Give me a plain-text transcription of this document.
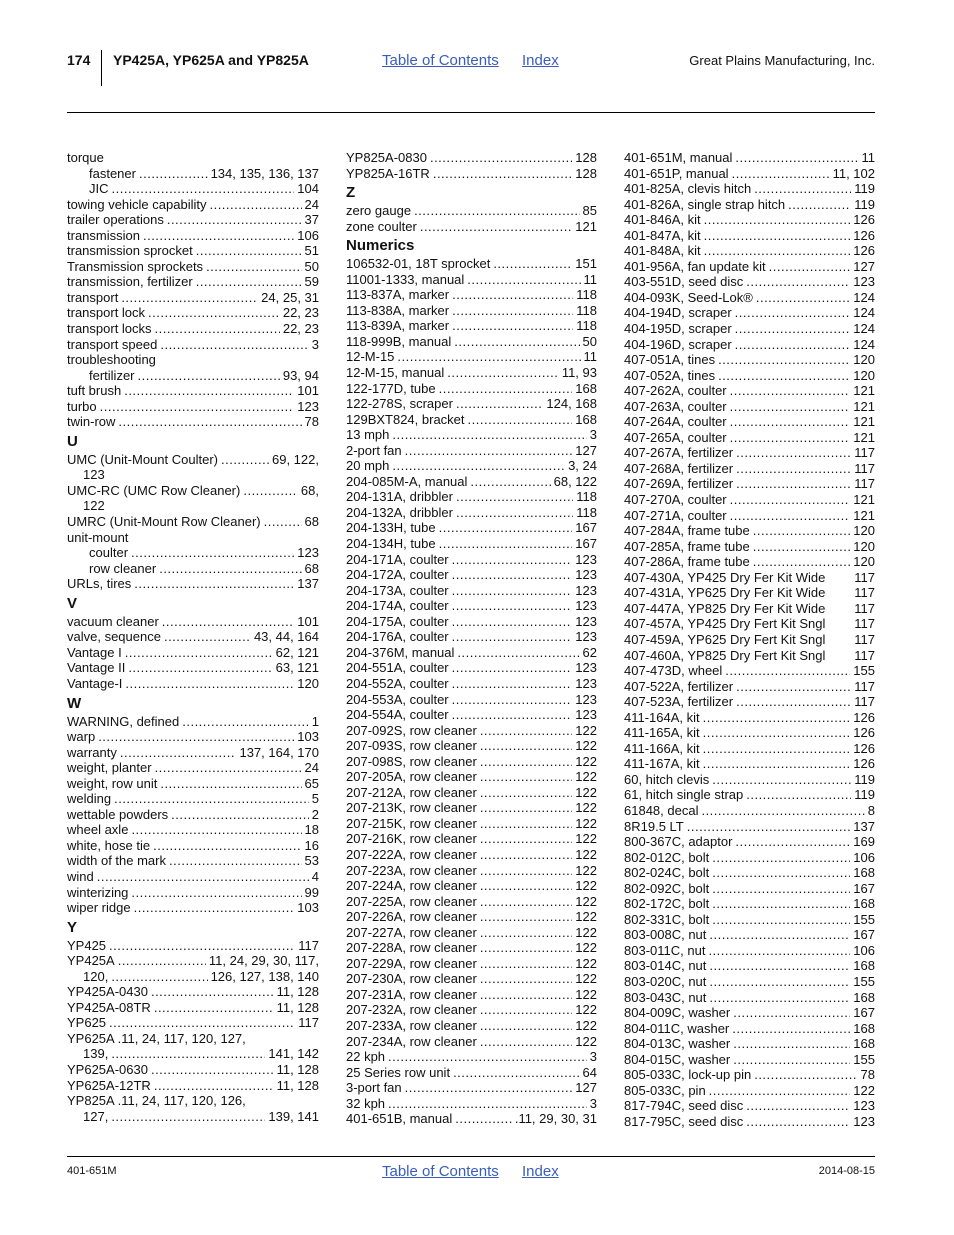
174 YP425A, YP625A and YP825A	Table of Contents Index	Great Plains Manufacturing, Inc.
torque
fastener .....	134, 135, 136, 137
JIC .....	104
towing vehicle capability .....	24
trailer operations .....	37
transmission .....	106
transmission sprocket .....	51
Transmission sprockets .....	50
transmission, fertilizer .....	59
transport .....	24, 25, 31
transport lock .....	22, 23
transport locks .....	22, 23
transport speed .....	3
troubleshooting
fertilizer .....	93, 94
tuft brush .....	101
turbo .....	123
twin-row .....	78
U
UMC (Unit-Mount Coulter) .....	69, 122,
123
UMC-RC (UMC Row Cleaner) .....	68,
122
UMRC (Unit-Mount Row Cleaner) .....	68
unit-mount
coulter .....	123
row cleaner .....	68
URLs, tires .....	137
V
vacuum cleaner .....	101
valve, sequence .....	43, 44, 164
Vantage I .....	62, 121
Vantage II .....	63, 121
Vantage-I .....	120
W
WARNING, defined .....	1
warp .....	103
warranty .....	137, 164, 170
weight, planter .....	24
weight, row unit .....	65
welding .....	5
wettable powders .....	2
wheel axle .....	18
white, hose tie .....	16
width of the mark .....	53
wind .....	4
winterizing .....	99
wiper ridge .....	103
Y
YP425 .....	117
YP425A .....	11, 24, 29, 30, 117,
120, .....	126, 127, 138, 140
YP425A-0430 .....	11, 128
YP425A-08TR .....	11, 128
YP625 .....	117
YP625A .11, 24, 117, 120, 127,
139, .....	141, 142
YP625A-0630 .....	11, 128
YP625A-12TR .....	11, 128
YP825A .11, 24, 117, 120, 126,
127, .....	139, 141
YP825A-0830 .....	128
YP825A-16TR .....	128
Z
zero gauge .....	85
zone coulter .....	121
Numerics
106532-01, 18T sprocket .....	151
11001-1333, manual .....	11
113-837A, marker .....	118
113-838A, marker .....	118
113-839A, marker .....	118
118-999B, manual .....	50
12-M-15 .....	11
12-M-15, manual .....	11, 93
122-177D, tube .....	168
122-278S, scraper .....	124, 168
129BXT824, bracket .....	168
13 mph .....	3
2-port fan .....	127
20 mph .....	3, 24
204-085M-A, manual .....	68, 122
204-131A, dribbler .....	118
204-132A, dribbler .....	118
204-133H, tube .....	167
204-134H, tube .....	167
204-171A, coulter .....	123
204-172A, coulter .....	123
204-173A, coulter .....	123
204-174A, coulter .....	123
204-175A, coulter .....	123
204-176A, coulter .....	123
204-376M, manual .....	62
204-551A, coulter .....	123
204-552A, coulter .....	123
204-553A, coulter .....	123
204-554A, coulter .....	123
207-092S, row cleaner .....	122
207-093S, row cleaner .....	122
207-098S, row cleaner .....	122
207-205A, row cleaner .....	122
207-212A, row cleaner .....	122
207-213K, row cleaner .....	122
207-215K, row cleaner .....	122
207-216K, row cleaner .....	122
207-222A, row cleaner .....	122
207-223A, row cleaner .....	122
207-224A, row cleaner .....	122
207-225A, row cleaner .....	122
207-226A, row cleaner .....	122
207-227A, row cleaner .....	122
207-228A, row cleaner .....	122
207-229A, row cleaner .....	122
207-230A, row cleaner .....	122
207-231A, row cleaner .....	122
207-232A, row cleaner .....	122
207-233A, row cleaner .....	122
207-234A, row cleaner .....	122
22 kph .....	3
25 Series row unit .....	64
3-port fan .....	127
32 kph .....	3
401-651B, manual .....	.11, 29, 30, 31
401-651M, manual .....	11
401-651P, manual .....	11, 102
401-825A, clevis hitch .....	119
401-826A, single strap hitch .....	119
401-846A, kit .....	126
401-847A, kit .....	126
401-848A, kit .....	126
401-956A, fan update kit .....	127
403-551D, seed disc .....	123
404-093K, Seed-Lok® .....	124
404-194D, scraper .....	124
404-195D, scraper .....	124
404-196D, scraper .....	124
407-051A, tines .....	120
407-052A, tines .....	120
407-262A, coulter .....	121
407-263A, coulter .....	121
407-264A, coulter .....	121
407-265A, coulter .....	121
407-267A, fertilizer .....	117
407-268A, fertilizer .....	117
407-269A, fertilizer .....	117
407-270A, coulter .....	121
407-271A, coulter .....	121
407-284A, frame tube .....	120
407-285A, frame tube .....	120
407-286A, frame tube .....	120
407-430A, YP425 Dry Fer Kit Wide 117
407-431A, YP625 Dry Fer Kit Wide 117
407-447A, YP825 Dry Fer Kit Wide 117
407-457A, YP425 Dry Fert Kit Sngl 117
407-459A, YP625 Dry Fert Kit Sngl 117
407-460A, YP825 Dry Fert Kit Sngl 117
407-473D, wheel .....	155
407-522A, fertilizer .....	117
407-523A, fertilizer .....	117
411-164A, kit .....	126
411-165A, kit .....	126
411-166A, kit .....	126
411-167A, kit .....	126
60, hitch clevis .....	119
61, hitch single strap .....	119
61848, decal .....	8
8R19.5 LT .....	137
800-367C, adaptor .....	169
802-012C, bolt .....	106
802-024C, bolt .....	168
802-092C, bolt .....	167
802-172C, bolt .....	168
802-331C, bolt .....	155
803-008C, nut .....	167
803-011C, nut .....	106
803-014C, nut .....	168
803-020C, nut .....	155
803-043C, nut .....	168
804-009C, washer .....	167
804-011C, washer .....	168
804-013C, washer .....	168
804-015C, washer .....	155
805-033C, lock-up pin .....	78
805-033C, pin .....	122
817-794C, seed disc .....	123
817-795C, seed disc .....	123
401-651M	Table of Contents Index	2014-08-15
